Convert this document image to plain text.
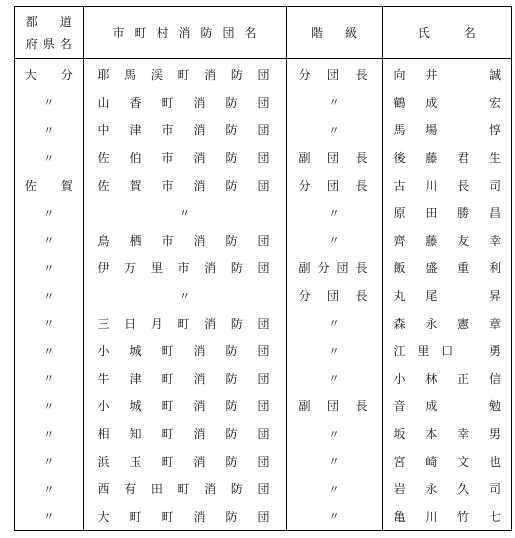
都　道
府県名	市町村消防団名	階級	氏名
大分	耶馬渓町消防団	分団長	向井　誠

〃	山香町消防団	〃	鶴成　宏

〃	中津市消防団	〃	馬場　惇

〃	佐伯市消防団	副団長	後藤君生

佐賀	佐賀市消防団	分団長	古川長司

〃	〃	〃	原田勝昌

〃	鳥栖市消防団	〃	齊藤友幸

〃	伊万里市消防団	副分団長	飯盛重利

〃	〃	分団長	丸尾　昇

〃	三日月町消防団	〃	森永憲章

〃	小城町消防団	〃	江里口　勇

〃	牛津町消防団	〃	小林正信

〃	小城町消防団	副団長	音成　勉

〃	相知町消防団	〃	坂本幸男

〃	浜玉町消防団	〃	宮崎文也

〃	西有田町消防団	〃	岩永久司

〃	大町町消防団	〃	亀川竹七
